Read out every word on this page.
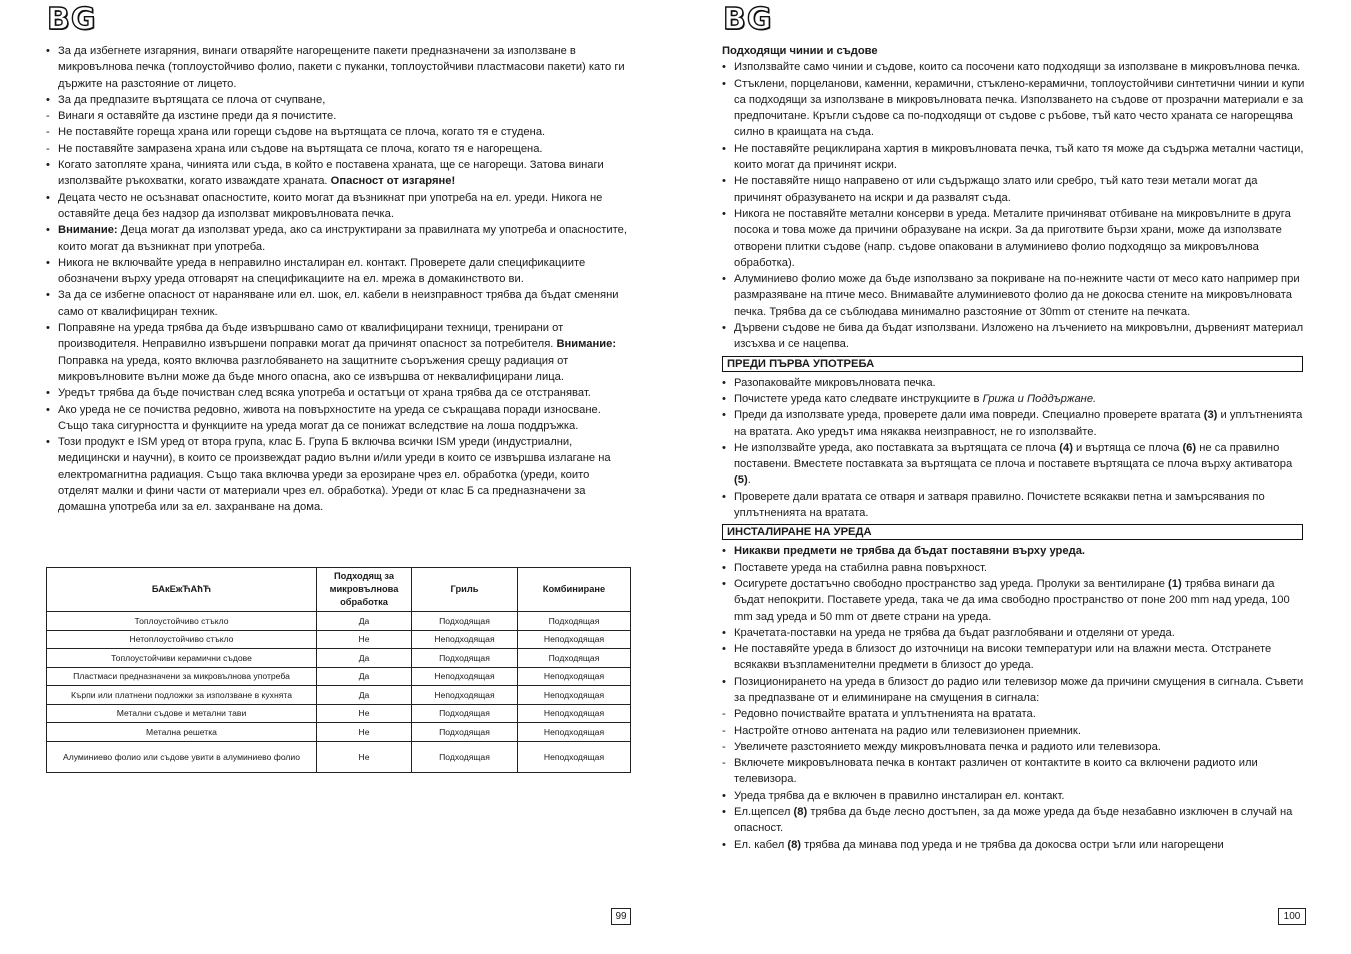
BG
• За да избегнете изгаряния, винаги отваряйте нагорещените пакети предназначени за използване в микровълнова печка (топлоустойчиво фолио, пакети с пуканки, топлоустойчиви пластмасови пакети) като ги държите на разстояние от лицето.
• За да предпазите въртящата се плоча от счупване,
- Винаги я оставяйте да изстине преди да я почистите.
- Не поставяйте гореща храна или горещи съдове на въртящата се плоча, когато тя е студена.
- Не поставяйте замразена храна или съдове на въртящата се плоча, когато тя е нагорещена.
• Когато затопляте храна, чинията или съда, в който е поставена храната, ще се нагорещи. Затова винаги използвайте ръкохватки, когато изваждате храната. Опасност от изгаряне!
• Децата често не осъзнават опасностите, които могат да възникнат при употреба на ел. уреди. Никога не оставяйте деца без надзор да използват микровълновата печка.
• Внимание: Деца могат да използват уреда, ако са инструктирани за правилната му употреба и опасностите, които могат да възникнат при употреба.
• Никога не включвайте уреда в неправилно инсталиран ел. контакт. Проверете дали спецификациите обозначени върху уреда отговарят на спецификациите на ел. мрежа в домакинството ви.
• За да се избегне опасност от нараняване или ел. шок, ел. кабели в неизправност трябва да бъдат сменяни само от квалифициран техник.
• Поправяне на уреда трябва да бъде извършвано само от квалифицирани техници, тренирани от производителя. Неправилно извършени поправки могат да причинят опасност за потребителя. Внимание: Поправка на уреда, която включва разглобяването на защитните съоръжения срещу радиация от микровълновите вълни може да бъде много опасна, ако се извършва от неквалифицирани лица.
• Уредът трябва да бъде почистван след всяка употреба и остатъци от храна трябва да се отстраняват.
• Ако уреда не се почиства редовно, живота на повърхностите на уреда се съкращава поради износване. Също така сигурността и функциите на уреда могат да се понижат вследствие на лоша поддръжка.
• Този продукт е ISM уред от втора група, клас Б. Група Б включва всички ISM уреди (индустриални, медицински и научни), в които се произвеждат радио вълни и/или уреди в които се извършва излагане на електромагнитна радиация. Също така включва уреди за ерозиране чрез ел. обработка (уреди, които отделят малки и фини части от материали чрез ел. обработка). Уреди от клас Б са предназначени за домашна употреба или за ел. захранване на дома.
БАкЕжЋАћЋ	Подходящ за микровълнова обработка	Гриль	Комбиниране
Топлоустойчиво стъкло	Да	Подходящая	Подходящая
Нетоплоустойчиво стъкло	Не	Неподходящая	Неподходящая
Топлоустойчиви керамични съдове	Да	Подходящая	Подходящая
Пластмаси предназначени за микровълнова употреба	Да	Неподходящая	Неподходящая
Кърпи или платнени подложки за използване в кухнята	Да	Неподходящая	Неподходящая
Метални съдове и метални тави	Не	Подходящая	Неподходящая
Метална решетка	Не	Подходящая	Неподходящая
Алуминиево фолио или съдове увити в алуминиево фолио	Не	Подходящая	Неподходящая
99
BG
Подходящи чинии и съдове
• Използвайте само чинии и съдове, които са посочени като подходящи за използване в микровълнова печка.
• Стъклени, порцеланови, каменни, керамични, стъклено-керамични, топлоустойчиви синтетични чинии и купи са подходящи за използване в микровълновата печка. Използването на съдове от прозрачни материали е за предпочитане. Кръгли съдове са по-подходящи от съдове с ръбове, тъй като често хранатa се нагорещява силно в краищата на съда.
• Не поставяйте рециклирана хартия в микровълновата печка, тъй като тя може да съдържа метални частици, които могат да причинят искри.
• Не поставяйте нищо направено от или съдържащо злато или сребро, тъй като тези метали могат да причинят образуването на искри и да развалят съда.
• Никога не поставяйте метални консерви в уреда. Металите причиняват отбиване на микровълните в друга посока и това може да причини образуване на искри. За да приготвите бързи храни, може да използвате отворени плитки съдове (напр. съдове опаковани в алуминиево фолио подходящо за микровълнова обработка).
• Алуминиево фолио може да бъде използвано за покриване на по-нежните части от месо като например при размразяване на птиче месо. Внимавайте алуминиевото фолио да не докосва стените на микровълновата печка. Трябва да се съблюдава минимално разстояние от 30mm от стените на печката.
• Дървени съдове не бива да бъдат използвани. Изложено на лъчението на микровълни, дървеният материал изсъхва и се нацепва.
ПРЕДИ ПЪРВА УПОТРЕБА
• Разопаковайте микровълновата печка.
• Почистете уреда като следвате инструкциите в Грижа и Поддържане.
• Преди да използвате уреда, проверете дали има повреди. Специално проверете вратата (3) и уплътненията на вратата. Ако уредът има някаква неизправност, не го използвайте.
• Не използвайте уреда, ако поставката за въртящата се плоча (4) и въртяща се плоча (6) не са правилно поставени. Вместете поставката за въртящата се плоча и поставете въртящата се плоча върху активатора (5).
• Проверете дали вратата се отваря и затваря правилно. Почистете всякакви петна и замърсявания по уплътненията на вратата.
ИНСТАЛИРАНЕ НА УРЕДА
• Никакви предмети не трябва да бъдат поставяни върху уреда.
• Поставете уреда на стабилна равна повърхност.
• Осигурете достатъчно свободно пространство зад уреда. Пролуки за вентилиране (1) трябва винаги да бъдат непокрити. Поставете уреда, така че да има свободно пространство от поне 200 mm над уреда, 100 mm зад уреда и 50 mm от двете страни на уреда.
• Крачетата-поставки на уреда не трябва да бъдат разглобявани и отделяни от уреда.
• Не поставяйте уреда в близост до източници на високи температури или на влажни места. Отстранете всякакви възпламенителни предмети в близост до уреда.
• Позиционирането на уреда в близост до радио или телевизор може да причини смущения в сигнала. Съвети за предпазване от и елиминиране на смущения в сигнала:
- Редовно почиствайте вратата и уплътненията на вратата.
- Настройте отново антената на радио или телевизионен приемник.
- Увеличете разстоянието между микровълновата печка и радиото или телевизора.
- Включете микровълновата печка в контакт различен от контактите в които са включени радиото или телевизора.
• Уреда трябва да е включен в правилно инсталиран ел. контакт.
• Ел.щепсел (8) трябва да бъде лесно достъпен, за да може уреда да бъде незабавно изключен в случай на опасност.
• Ел. кабел (8) трябва да минава под уреда и не трябва да докосва остри ъгли или нагорещени
100
